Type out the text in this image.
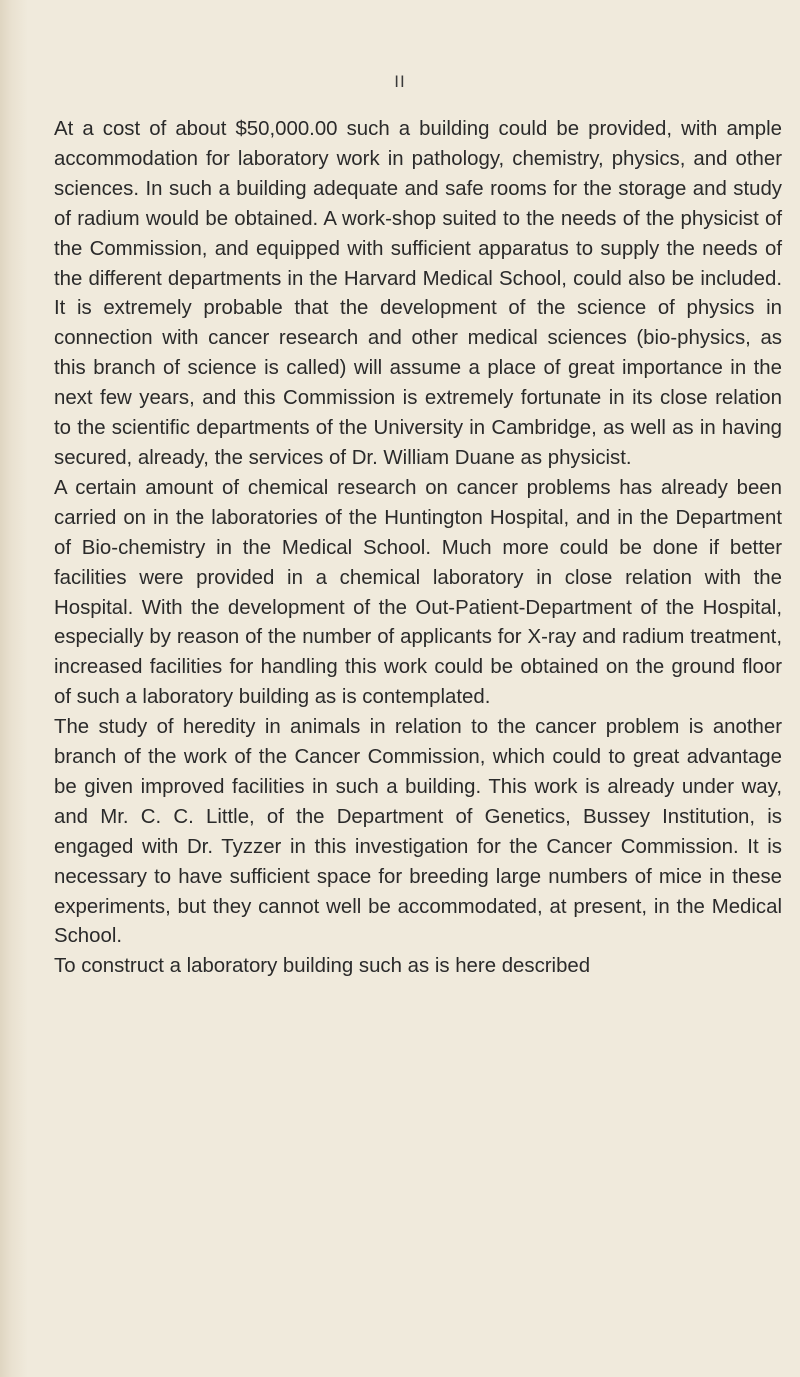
II

At a cost of about $50,000.00 such a building could be provided, with ample accommodation for laboratory work in pathology, chemistry, physics, and other sciences. In such a building adequate and safe rooms for the storage and study of radium would be obtained. A work-shop suited to the needs of the physicist of the Commission, and equipped with sufficient apparatus to supply the needs of the different departments in the Harvard Medical School, could also be included. It is extremely probable that the development of the science of physics in connection with cancer research and other medical sciences (bio-physics, as this branch of science is called) will assume a place of great importance in the next few years, and this Commission is extremely fortunate in its close relation to the scientific departments of the University in Cambridge, as well as in having secured, already, the services of Dr. William Duane as physicist.

A certain amount of chemical research on cancer problems has already been carried on in the laboratories of the Huntington Hospital, and in the Department of Bio-chemistry in the Medical School. Much more could be done if better facilities were provided in a chemical laboratory in close relation with the Hospital. With the development of the Out-Patient-Department of the Hospital, especially by reason of the number of applicants for X-ray and radium treatment, increased facilities for handling this work could be obtained on the ground floor of such a laboratory building as is contemplated.

The study of heredity in animals in relation to the cancer problem is another branch of the work of the Cancer Commission, which could to great advantage be given improved facilities in such a building. This work is already under way, and Mr. C. C. Little, of the Department of Genetics, Bussey Institution, is engaged with Dr. Tyzzer in this investigation for the Cancer Commission. It is necessary to have sufficient space for breeding large numbers of mice in these experiments, but they cannot well be accommodated, at present, in the Medical School.

To construct a laboratory building such as is here described
